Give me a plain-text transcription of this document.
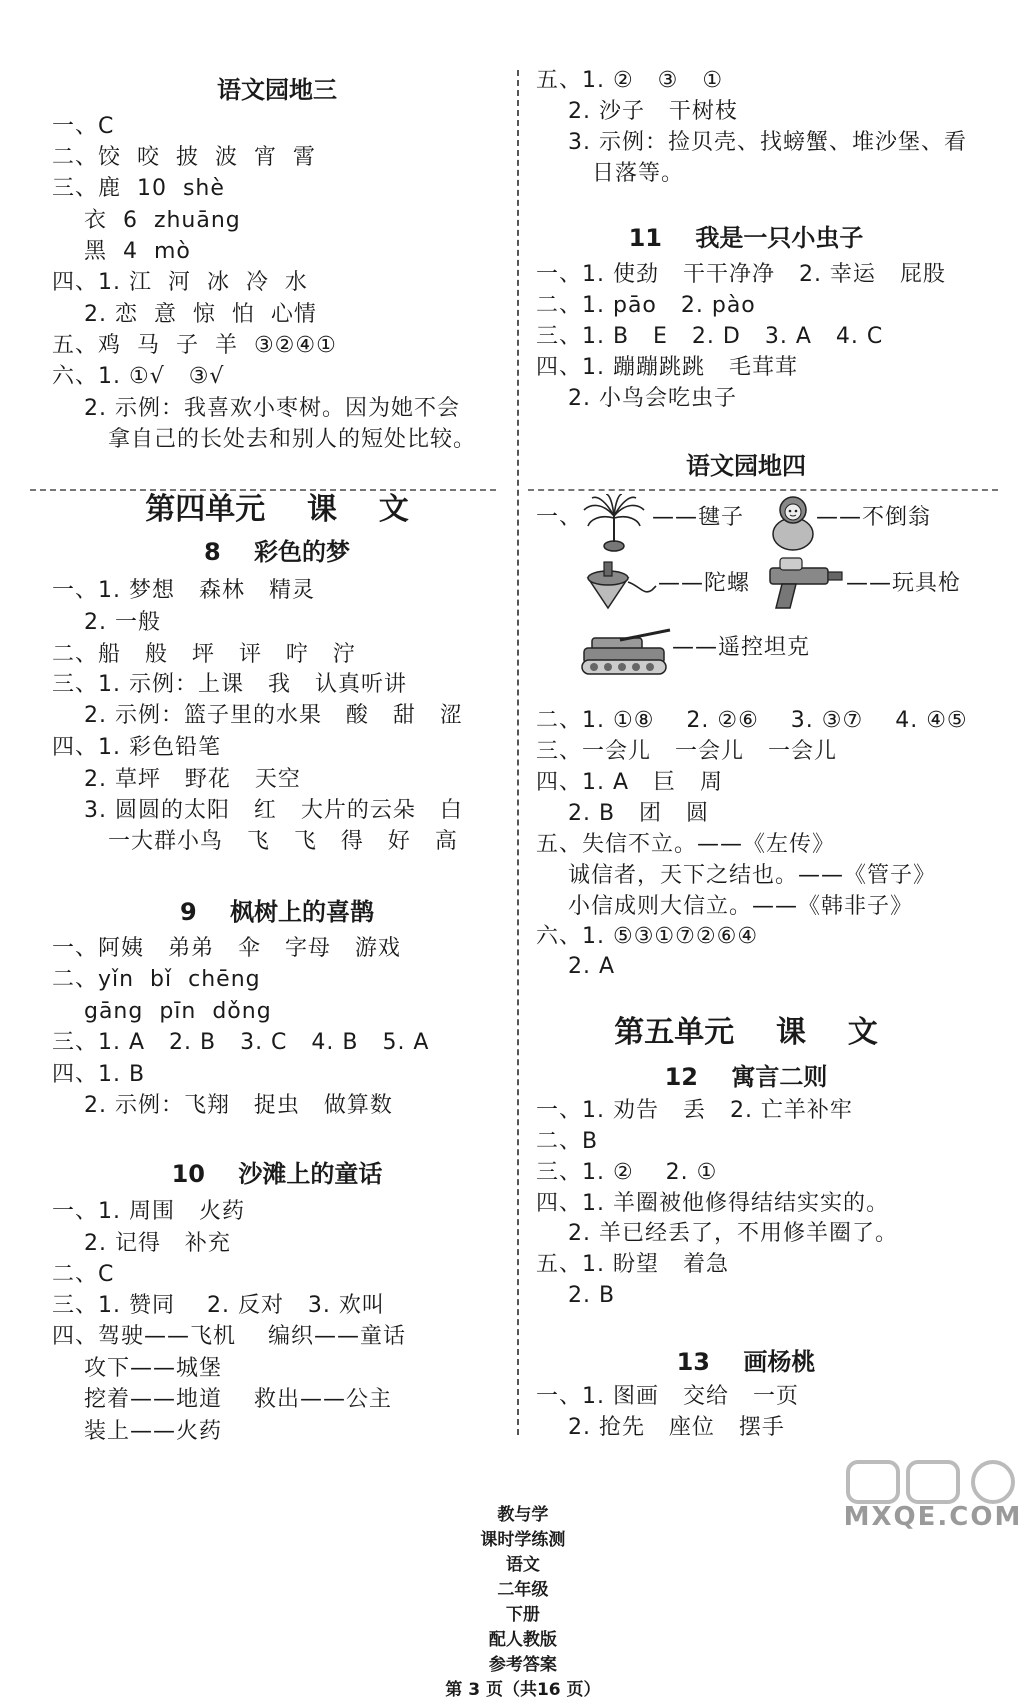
语文园地三
一、C
二、饺  咬  披  波  宵  霄
三、鹿  10  shè
衣  6  zhuāng
黑  4  mò
四、1. 江  河  冰  冷  水
2. 恋  意  惊  怕  心情
五、鸡  马  子  羊  ③②④①
六、1. ①√   ③√
2. 示例：我喜欢小枣树。因为她不会
拿自己的长处去和别人的短处比较。
第四单元    课    文
8    彩色的梦
一、1. 梦想   森林   精灵
2. 一般
二、船   般   坪   评   咛   泞
三、1. 示例：上课   我   认真听讲
2. 示例：篮子里的水果   酸   甜   涩
四、1. 彩色铅笔
2. 草坪   野花   天空
3. 圆圆的太阳   红   大片的云朵   白
一大群小鸟   飞   飞   得   好   高
9    枫树上的喜鹊
一、阿姨   弟弟   伞   字母   游戏
二、yǐn  bǐ  chēng
gāng  pīn  dǒng
三、1. A   2. B   3. C   4. B   5. A
四、1. B
2. 示例：飞翔   捉虫   做算数
10    沙滩上的童话
一、1. 周围   火药
2. 记得   补充
二、C
三、1. 赞同    2. 反对   3. 欢叫
四、驾驶——飞机    编织——童话
攻下——城堡
挖着——地道    救出——公主
装上——火药
五、1. ②   ③   ①
2. 沙子   干树枝
3. 示例：捡贝壳、找螃蟹、堆沙堡、看
日落等。
11    我是一只小虫子
一、1. 使劲   干干净净   2. 幸运   屁股
二、1. pāo   2. pào
三、1. B   E   2. D   3. A   4. C
四、1. 蹦蹦跳跳   毛茸茸
2. 小鸟会吃虫子
语文园地四
一、	——毽子	——不倒翁
——陀螺	——玩具枪
——遥控坦克
二、1. ①⑧    2. ②⑥    3. ③⑦    4. ④⑤
三、一会儿   一会儿   一会儿
四、1. A   巨   周
2. B   团   圆
五、失信不立。——《左传》
诚信者，天下之结也。——《管子》
小信成则大信立。——《韩非子》
六、1. ⑤③①⑦②⑥④
2. A
第五单元    课    文
12    寓言二则
一、1. 劝告   丢   2. 亡羊补牢
二、B
三、1. ②    2. ①
四、1. 羊圈被他修得结结实实的。
2. 羊已经丢了，不用修羊圈了。
五、1. 盼望   着急
2. B
13    画杨桃
一、1. 图画   交给   一页
2. 抢先   座位   摆手

教与学
课时学练测
语文
二年级
下册
配人教版
参考答案
第 3 页（共16 页）

MXQE.COM
